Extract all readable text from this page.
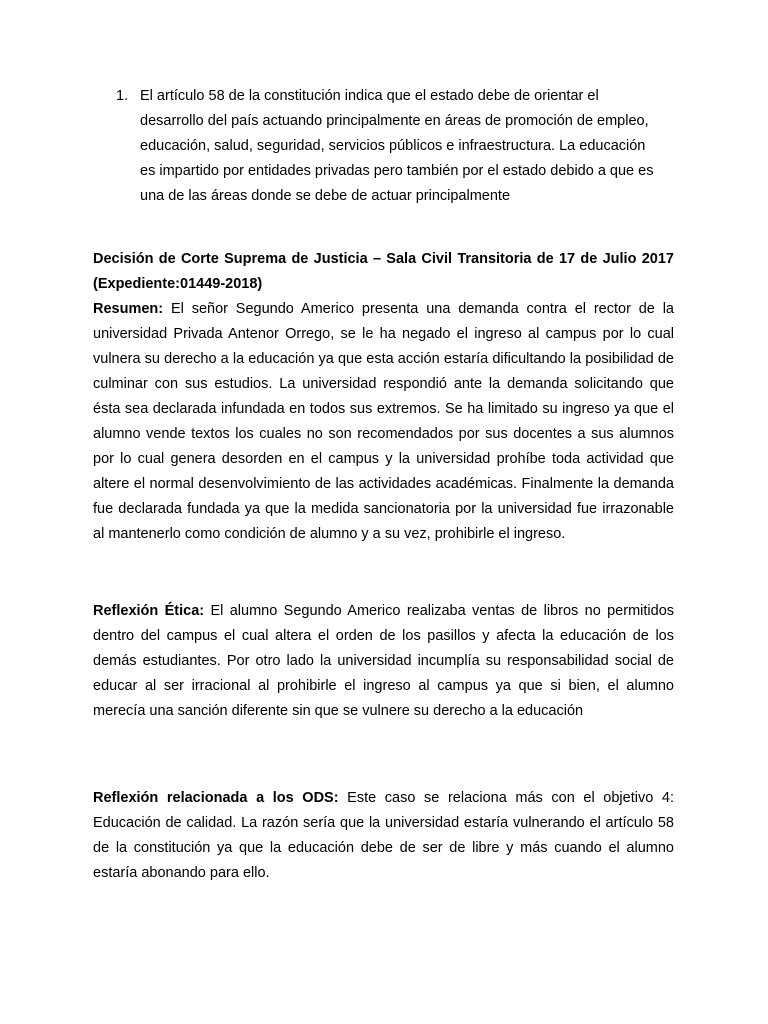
1. El artículo 58 de la constitución indica que el estado debe de orientar el desarrollo del país actuando principalmente en áreas de promoción de empleo, educación, salud, seguridad, servicios públicos e infraestructura. La educación es impartido por entidades privadas pero también por el estado debido a que es una de las áreas donde se debe de actuar principalmente
Decisión de Corte Suprema de Justicia – Sala Civil Transitoria de 17 de Julio 2017 (Expediente:01449-2018)
Resumen: El señor Segundo Americo presenta una demanda contra el rector de la universidad Privada Antenor Orrego, se le ha negado el ingreso al campus por lo cual vulnera su derecho a la educación ya que esta acción estaría dificultando la posibilidad de culminar con sus estudios. La universidad respondió ante la demanda solicitando que ésta sea declarada infundada en todos sus extremos. Se ha limitado su ingreso ya que el alumno vende textos los cuales no son recomendados por sus docentes a sus alumnos por lo cual genera desorden en el campus y la universidad prohíbe toda actividad que altere el normal desenvolvimiento de las actividades académicas. Finalmente la demanda fue declarada fundada ya que la medida sancionatoria por la universidad fue irrazonable al mantenerlo como condición de alumno y a su vez, prohibirle el ingreso.
Reflexión Ética: El alumno Segundo Americo realizaba ventas de libros no permitidos dentro del campus el cual altera el orden de los pasillos y afecta la educación de los demás estudiantes. Por otro lado la universidad incumplía su responsabilidad social de educar al ser irracional al prohibirle el ingreso al campus ya que si bien, el alumno merecía una sanción diferente sin que se vulnere su derecho a la educación
Reflexión relacionada a los ODS: Este caso se relaciona más con el objetivo 4: Educación de calidad. La razón sería que la universidad estaría vulnerando el artículo 58 de la constitución ya que la educación debe de ser de libre y más cuando el alumno estaría abonando para ello.
